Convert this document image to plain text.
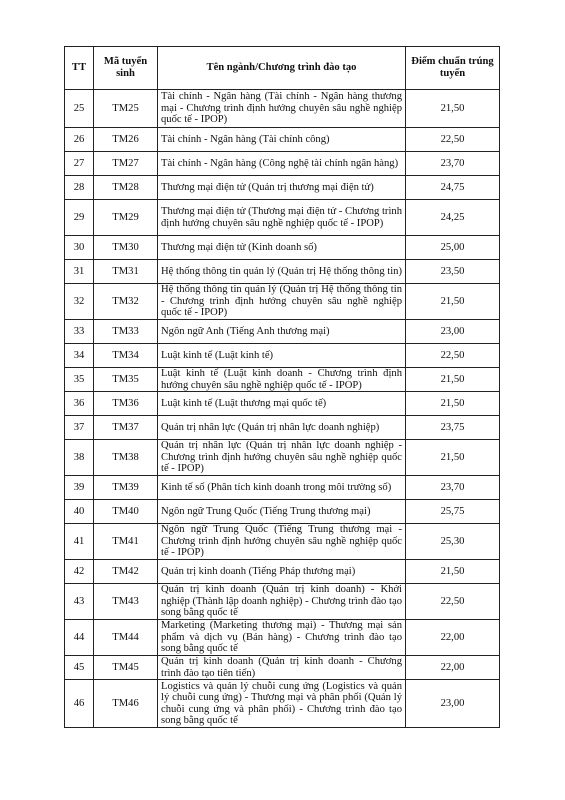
TT	Mã tuyển sinh	Tên ngành/Chương trình đào tạo	Điểm chuẩn trúng tuyển
25	TM25	Tài chính - Ngân hàng (Tài chính - Ngân hàng thương mại - Chương trình định hướng chuyên sâu nghề nghiệp quốc tế - IPOP)	21,50
26	TM26	Tài chính - Ngân hàng (Tài chính công)	22,50
27	TM27	Tài chính - Ngân hàng (Công nghệ tài chính ngân hàng)	23,70
28	TM28	Thương mại điện tử (Quản trị thương mại điện tử)	24,75
29	TM29	Thương mại điện tử (Thương mại điện tử - Chương trình định hướng chuyên sâu nghề nghiệp quốc tế - IPOP)	24,25
30	TM30	Thương mại điện tử (Kinh doanh số)	25,00
31	TM31	Hệ thống thông tin quản lý (Quản trị Hệ thống thông tin)	23,50
32	TM32	Hệ thống thông tin quản lý (Quản trị Hệ thống thông tin - Chương trình định hướng chuyên sâu nghề nghiệp quốc tế - IPOP)	21,50
33	TM33	Ngôn ngữ Anh (Tiếng Anh thương mại)	23,00
34	TM34	Luật kinh tế (Luật kinh tế)	22,50
35	TM35	Luật kinh tế (Luật kinh doanh - Chương trình định hướng chuyên sâu nghề nghiệp quốc tế - IPOP)	21,50
36	TM36	Luật kinh tế (Luật thương mại quốc tế)	21,50
37	TM37	Quản trị nhân lực (Quản trị nhân lực doanh nghiệp)	23,75
38	TM38	Quản trị nhân lực (Quản trị nhân lực doanh nghiệp - Chương trình định hướng chuyên sâu nghề nghiệp quốc tế - IPOP)	21,50
39	TM39	Kinh tế số (Phân tích kinh doanh trong môi trường số)	23,70
40	TM40	Ngôn ngữ Trung Quốc (Tiếng Trung thương mại)	25,75
41	TM41	Ngôn ngữ Trung Quốc (Tiếng Trung thương mại - Chương trình định hướng chuyên sâu nghề nghiệp quốc tế - IPOP)	25,30
42	TM42	Quản trị kinh doanh (Tiếng Pháp thương mại)	21,50
43	TM43	Quản trị kinh doanh (Quản trị kinh doanh) - Khởi nghiệp (Thành lập doanh nghiệp) - Chương trình đào tạo song bằng quốc tế	22,50
44	TM44	Marketing (Marketing thương mại) - Thương mại sản phẩm và dịch vụ (Bán hàng) - Chương trình đào tạo song bằng quốc tế	22,00
45	TM45	Quản trị kinh doanh (Quản trị kinh doanh - Chương trình đào tạo tiên tiến)	22,00
46	TM46	Logistics và quản lý chuỗi cung ứng (Logistics và quản lý chuỗi cung ứng) - Thương mại và phân phối (Quản lý chuỗi cung ứng và phân phối) - Chương trình đào tạo song bằng quốc tế	23,00
